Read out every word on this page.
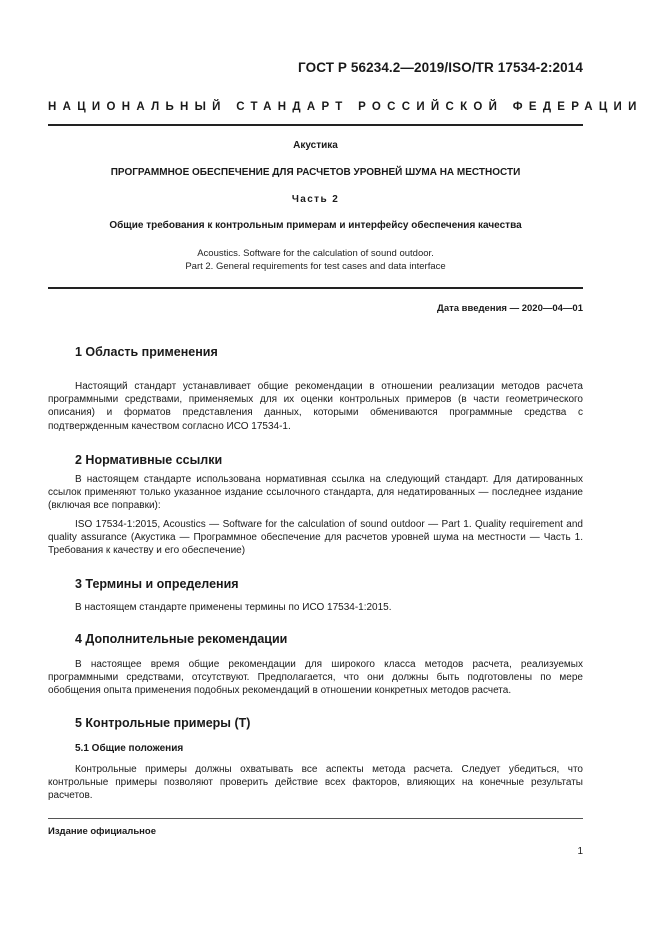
ГОСТ Р 56234.2—2019/ISO/TR 17534-2:2014
НАЦИОНАЛЬНЫЙ СТАНДАРТ РОССИЙСКОЙ ФЕДЕРАЦИИ
Акустика
ПРОГРАММНОЕ ОБЕСПЕЧЕНИЕ ДЛЯ РАСЧЕТОВ УРОВНЕЙ ШУМА НА МЕСТНОСТИ
Часть 2
Общие требования к контрольным примерам и интерфейсу обеспечения качества
Acoustics. Software for the calculation of sound outdoor.
Part 2. General requirements for test cases and data interface
Дата введения — 2020—04—01
1 Область применения
Настоящий стандарт устанавливает общие рекомендации в отношении реализации методов расчета программными средствами, применяемых для их оценки контрольных примеров (в части геометрического описания) и форматов представления данных, которыми обмениваются программные средства с подтвержденным качеством согласно ИСО 17534-1.
2 Нормативные ссылки
В настоящем стандарте использована нормативная ссылка на следующий стандарт. Для датированных ссылок применяют только указанное издание ссылочного стандарта, для недатированных — последнее издание (включая все поправки):
ISO 17534-1:2015, Acoustics — Software for the calculation of sound outdoor — Part 1. Quality requirement and quality assurance (Акустика — Программное обеспечение для расчетов уровней шума на местности — Часть 1. Требования к качеству и его обеспечение)
3 Термины и определения
В настоящем стандарте применены термины по ИСО 17534-1:2015.
4 Дополнительные рекомендации
В настоящее время общие рекомендации для широкого класса методов расчета, реализуемых программными средствами, отсутствуют. Предполагается, что они должны быть подготовлены по мере обобщения опыта применения подобных рекомендаций в отношении конкретных методов расчета.
5 Контрольные примеры (Т)
5.1 Общие положения
Контрольные примеры должны охватывать все аспекты метода расчета. Следует убедиться, что контрольные примеры позволяют проверить действие всех факторов, влияющих на конечные результаты расчетов.
Издание официальное
1
